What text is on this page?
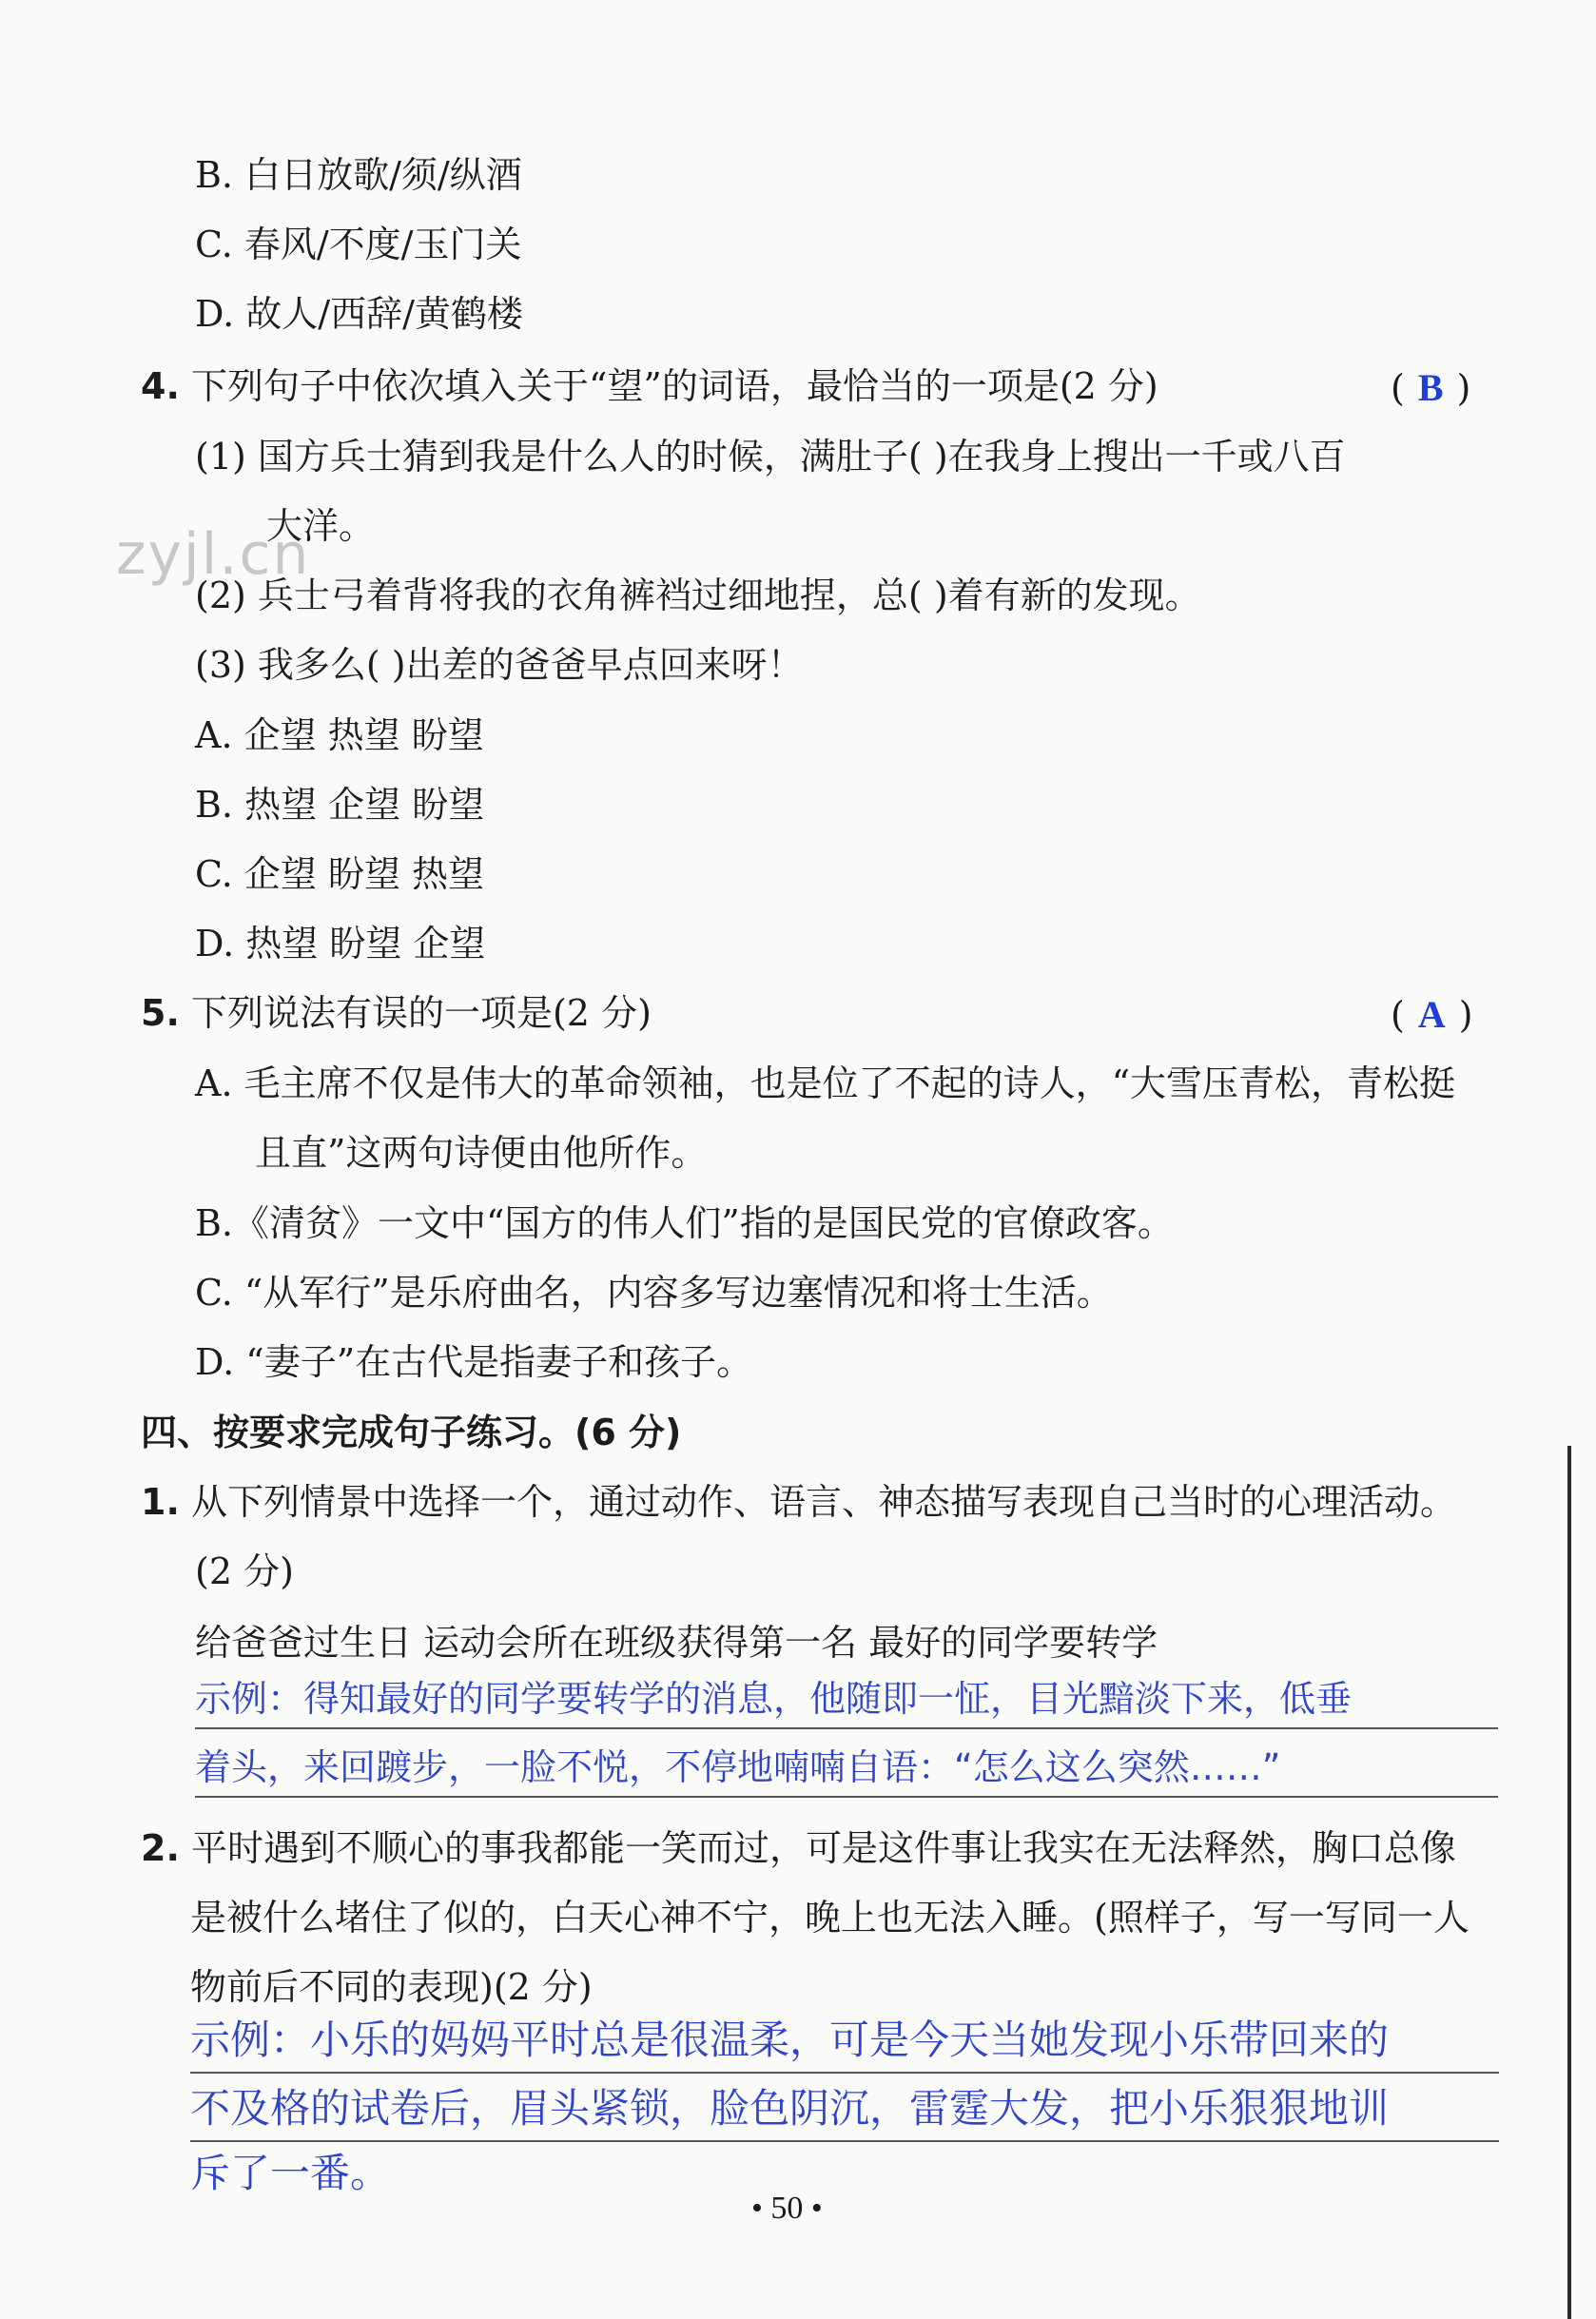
zyjl.cn
B. 白日放歌/须/纵酒
C. 春风/不度/玉门关
D. 故人/西辞/黄鹤楼
4. 下列句子中依次填入关于“望”的词语，最恰当的一项是(2 分)	( B )
(1) 国方兵士猜到我是什么人的时候，满肚子( )在我身上搜出一千或八百
大洋。
(2) 兵士弓着背将我的衣角裤裆过细地捏，总( )着有新的发现。
(3) 我多么( )出差的爸爸早点回来呀！
A. 企望 热望 盼望
B. 热望 企望 盼望
C. 企望 盼望 热望
D. 热望 盼望 企望
5. 下列说法有误的一项是(2 分)	( A )
A. 毛主席不仅是伟大的革命领袖，也是位了不起的诗人，“大雪压青松，青松挺
且直”这两句诗便由他所作。
B.《清贫》一文中“国方的伟人们”指的是国民党的官僚政客。
C. “从军行”是乐府曲名，内容多写边塞情况和将士生活。
D. “妻子”在古代是指妻子和孩子。
四、按要求完成句子练习。(6 分)
1. 从下列情景中选择一个，通过动作、语言、神态描写表现自己当时的心理活动。
(2 分)
给爸爸过生日 运动会所在班级获得第一名 最好的同学要转学
示例：得知最好的同学要转学的消息，他随即一怔，目光黯淡下来，低垂
着头，来回踱步，一脸不悦，不停地喃喃自语：“怎么这么突然……”
2. 平时遇到不顺心的事我都能一笑而过，可是这件事让我实在无法释然，胸口总像
是被什么堵住了似的，白天心神不宁，晚上也无法入睡。(照样子，写一写同一人
物前后不同的表现)(2 分)
示例：小乐的妈妈平时总是很温柔，可是今天当她发现小乐带回来的
不及格的试卷后，眉头紧锁，脸色阴沉，雷霆大发，把小乐狠狠地训
斥了一番。
• 50 •
